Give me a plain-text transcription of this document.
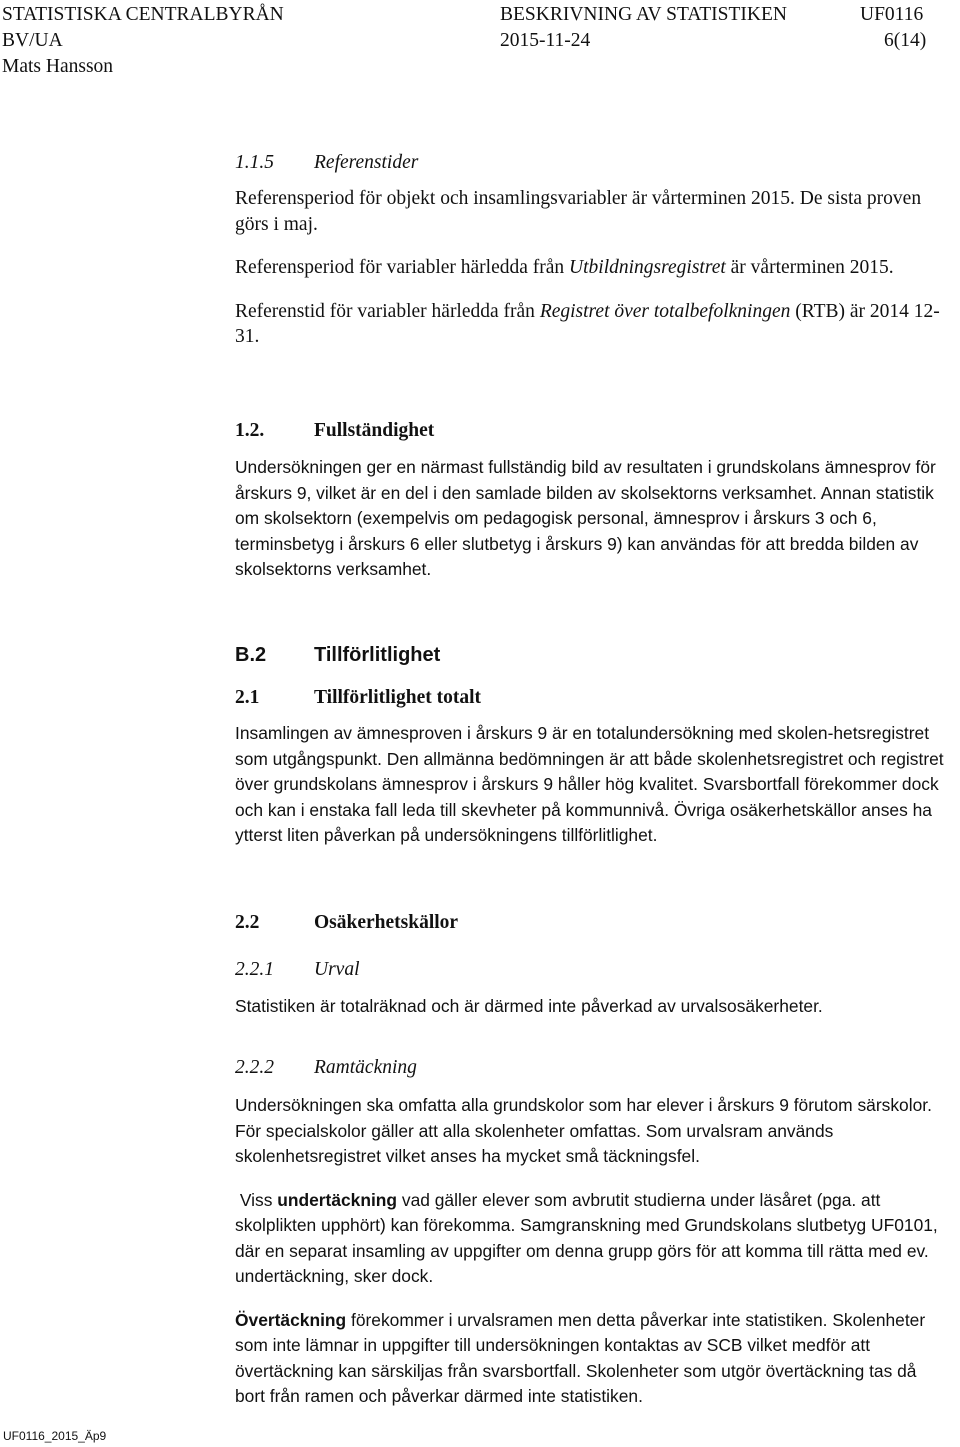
STATISTISKA CENTRALBYRÅN	BESKRIVNING AV STATISTIKEN	UF0116
BV/UA	2015-11-24	6(14)
Mats Hansson
1.1.5 Referenstider

Referensperiod för objekt och insamlingsvariabler är vårterminen 2015. De sista proven görs i maj.

Referensperiod för variabler härledda från Utbildningsregistret är vårterminen 2015.

Referenstid för variabler härledda från Registret över totalbefolkningen (RTB) är 2014 12-31.

1.2.	Fullständighet

Undersökningen ger en närmast fullständig bild av resultaten i grundskolans ämnesprov för årskurs 9, vilket är en del i den samlade bilden av skolsektorns verksamhet. Annan statistik om skolsektorn (exempelvis om pedagogisk personal, ämnesprov i årskurs 3 och 6, terminsbetyg i årskurs 6 eller slutbetyg i årskurs 9) kan användas för att bredda bilden av skolsektorns verksamhet.

B.2 Tillförlitlighet
2.1	Tillförlitlighet totalt

Insamlingen av ämnesproven i årskurs 9 är en totalundersökning med skolen-hetsregistret som utgångspunkt. Den allmänna bedömningen är att både skolenhetsregistret och registret över grundskolans ämnesprov i årskurs 9 håller hög kvalitet. Svarsbortfall förekommer dock och kan i enstaka fall leda till skevheter på kommunnivå. Övriga osäkerhetskällor anses ha ytterst liten påverkan på undersökningens tillförlitlighet.

2.2	Osäkerhetskällor
2.2.1 Urval

Statistiken är totalräknad och är därmed inte påverkad av urvalsosäkerheter.

2.2.2 Ramtäckning

Undersökningen ska omfatta alla grundskolor som har elever i årskurs 9 förutom särskolor. För specialskolor gäller att alla skolenheter omfattas. Som urvalsram används skolenhetsregistret vilket anses ha mycket små täckningsfel.

Viss undertäckning vad gäller elever som avbrutit studierna under läsåret (pga. att skolplikten upphört) kan förekomma. Samgranskning med Grundskolans slutbetyg UF0101, där en separat insamling av uppgifter om denna grupp görs för att komma till rätta med ev. undertäckning, sker dock.

Övertäckning förekommer i urvalsramen men detta påverkar inte statistiken. Skolenheter som inte lämnar in uppgifter till undersökningen kontaktas av SCB vilket medför att övertäckning kan särskiljas från svarsbortfall. Skolenheter som utgör övertäckning tas då bort från ramen och påverkar därmed inte statistiken.

UF0116_2015_Äp9
